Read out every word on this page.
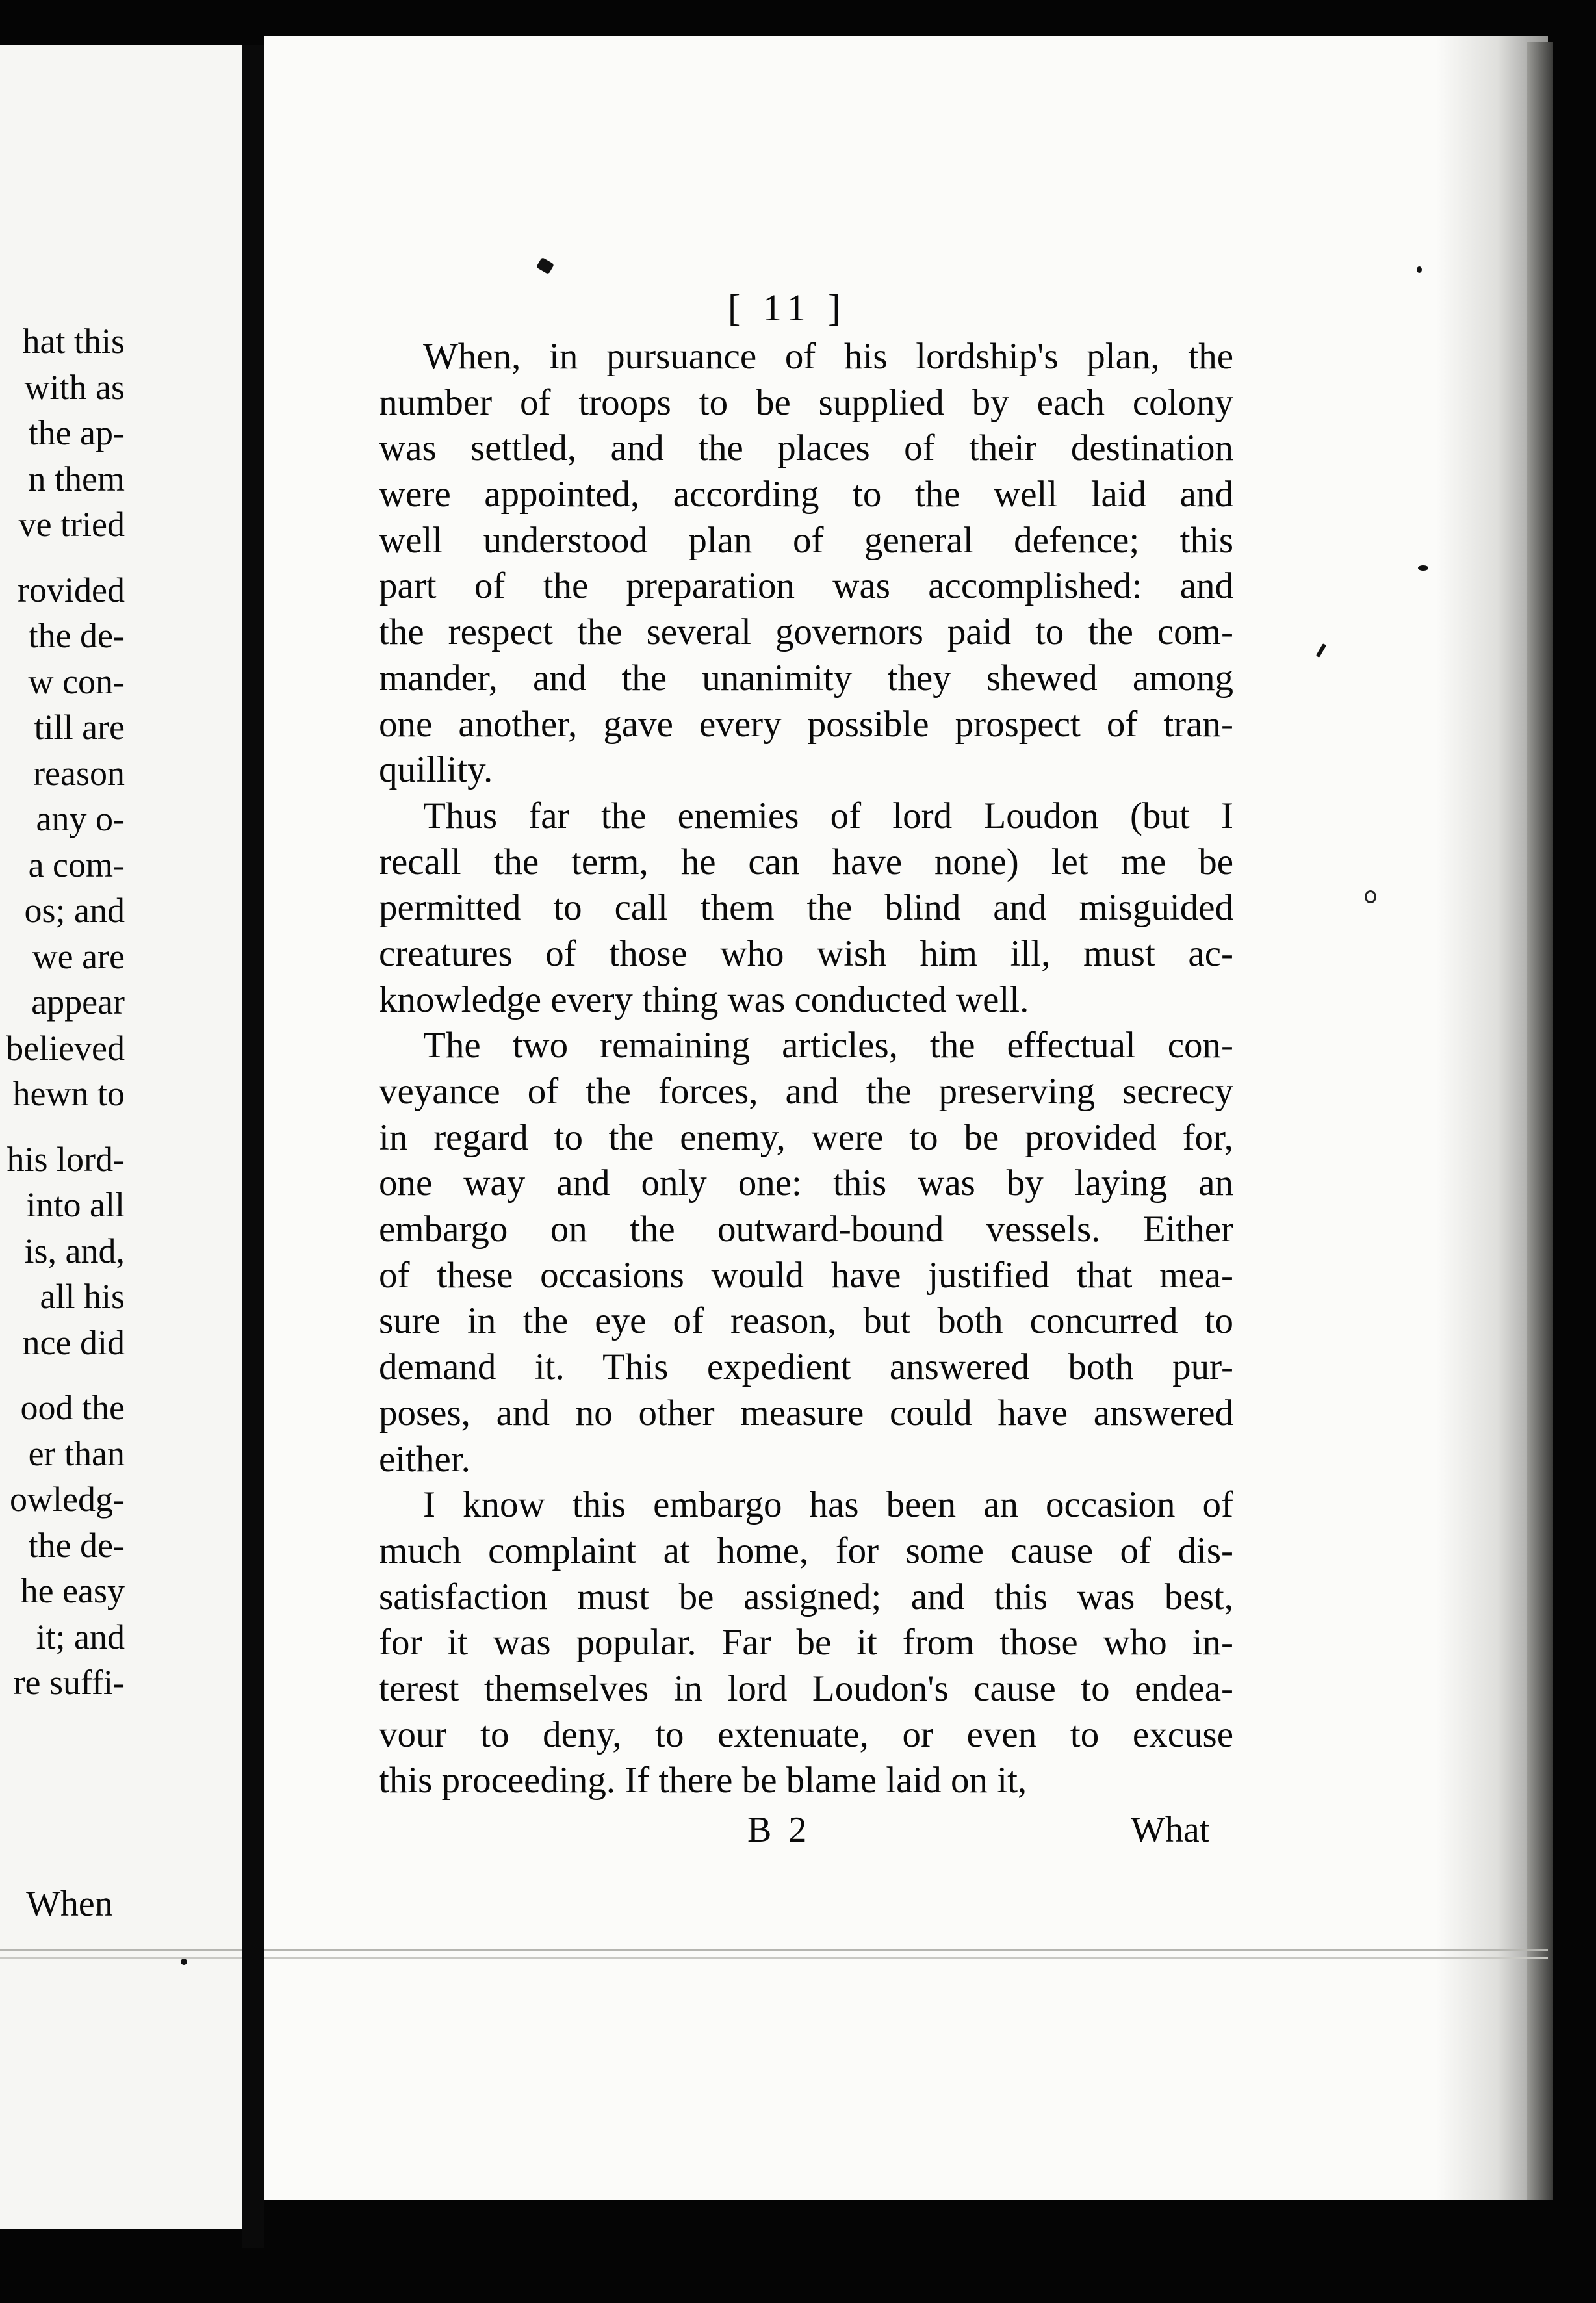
hat this
with as
the ap-
n them
ve tried
rovided
the de-
w con-
till are
reason
any o-
a com-
os; and
we are
appear
believed
hewn to
his lord-
into all
is, and,
all his
nce did
ood the
er than
owledg-
the de-
he easy
it; and
re suffi-
When
[ 11 ]
When, in pursuance of his lordship's plan, the
number of troops to be supplied by each colony
was settled, and the places of their destination
were appointed, according to the well laid and
well understood plan of general defence; this
part of the preparation was accomplished: and
the respect the several governors paid to the com-
mander, and the unanimity they shewed among
one another, gave every possible prospect of tran-
quillity.
Thus far the enemies of lord Loudon (but I
recall the term, he can have none) let me be
permitted to call them the blind and misguided
creatures of those who wish him ill, must ac-
knowledge every thing was conducted well.
The two remaining articles, the effectual con-
veyance of the forces, and the preserving secrecy
in regard to the enemy, were to be provided for,
one way and only one: this was by laying an
embargo on the outward-bound vessels. Either
of these occasions would have justified that mea-
sure in the eye of reason, but both concurred to
demand it. This expedient answered both pur-
poses, and no other measure could have answered
either.
I know this embargo has been an occasion of
much complaint at home, for some cause of dis-
satisfaction must be assigned; and this was best,
for it was popular. Far be it from those who in-
terest themselves in lord Loudon's cause to endea-
vour to deny, to extenuate, or even to excuse
this proceeding. If there be blame laid on it,
B 2	What
